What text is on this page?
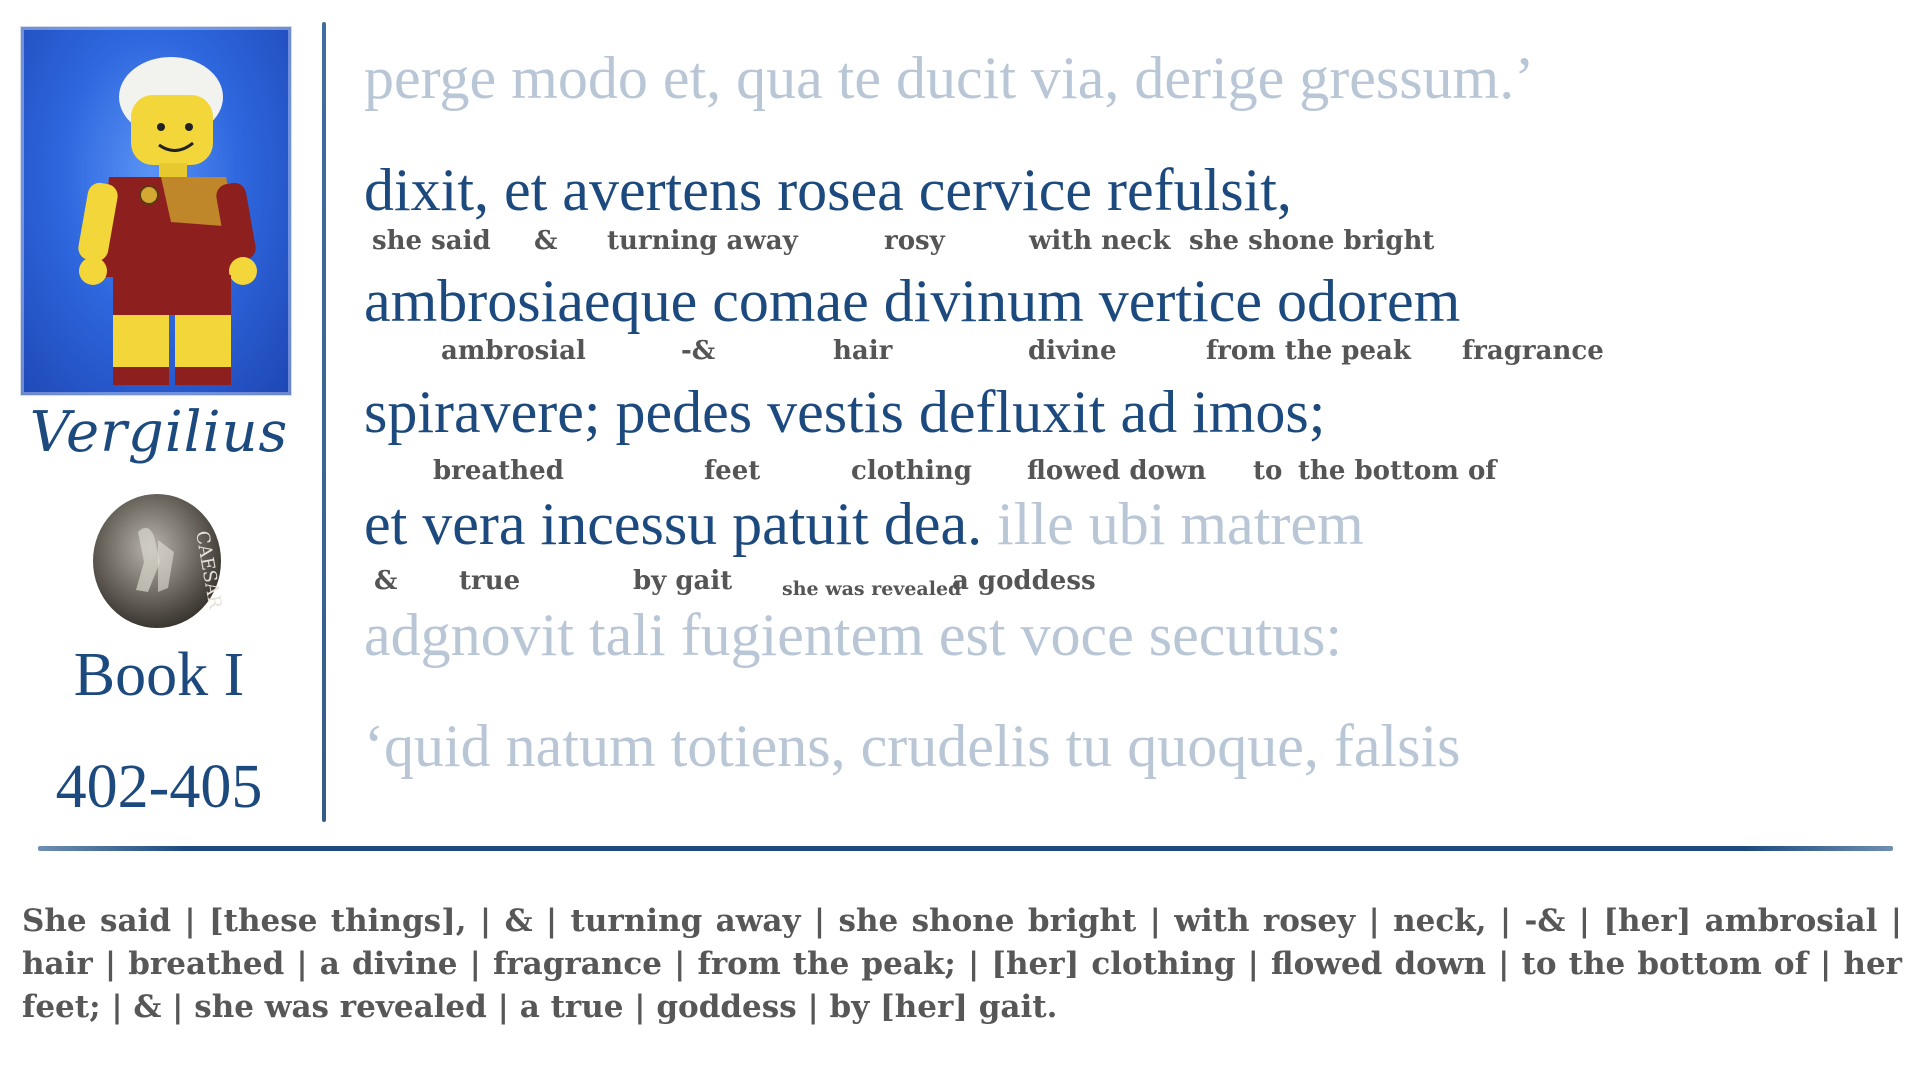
Vergilius
CAESAR
Book I
402-405
perge modo et, qua te ducit via, derige gressum.’
dixit, et avertens rosea cervice refulsit,
she said & turning away	rosy	with neck she shone bright
ambrosiaeque comae divinum vertice odorem
ambrosial	-&	hair	divine	from the peak fragrance
spiravere; pedes vestis defluxit ad imos;
breathed	feet	clothing flowed down to the bottom of
et vera incessu patuit dea. ille ubi matrem
& true	by gait	she was revealed
a goddess
adgnovit tali fugientem est voce secutus:
‘quid natum totiens, crudelis tu quoque, falsis
She said | [these things], | & | turning away | she shone bright | with rosey | neck, | -& | [her] ambrosial | hair | breathed | a divine | fragrance | from the peak; | [her] clothing | flowed down | to the bottom of | her feet; | & | she was revealed | a true | goddess | by [her] gait.
